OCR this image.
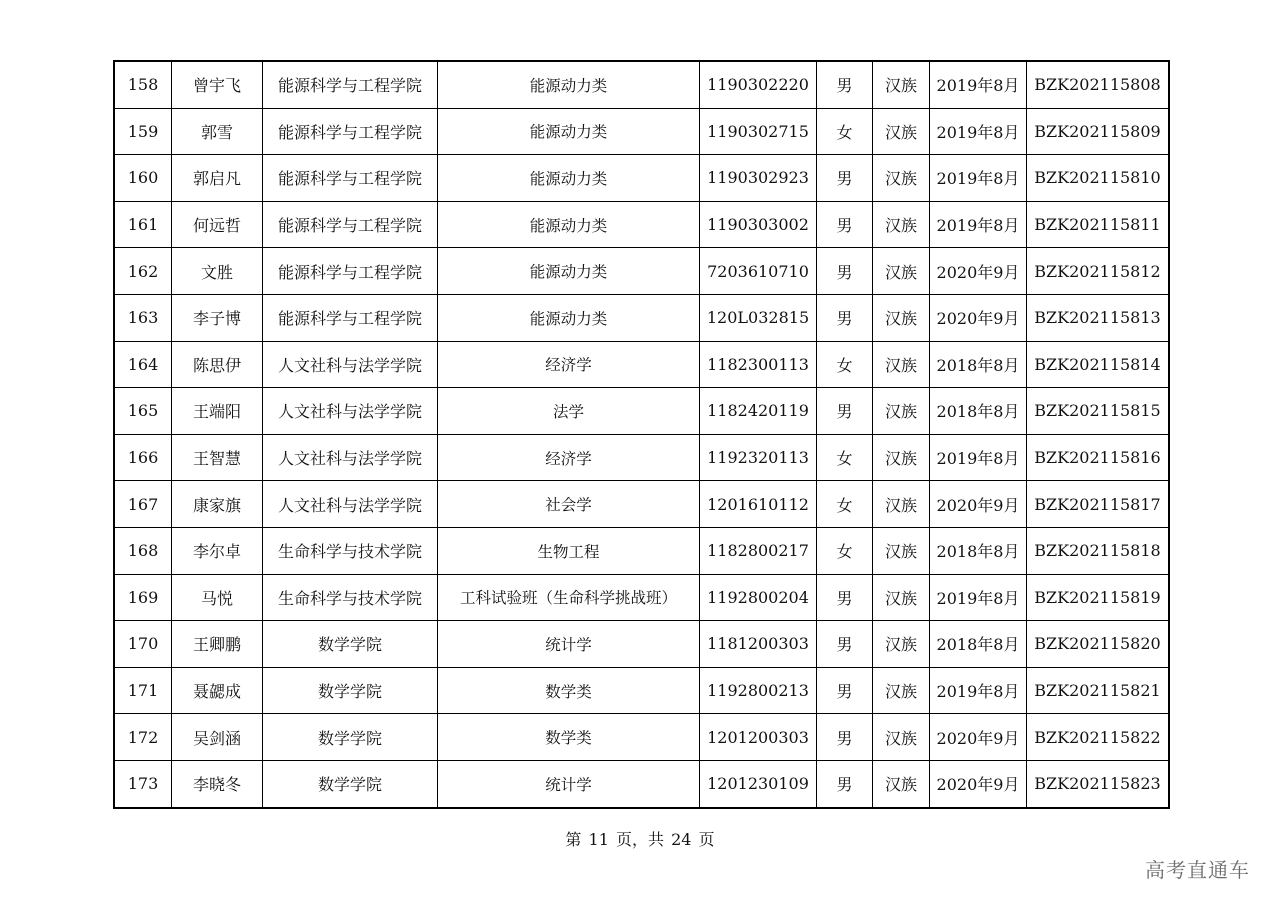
158	曾宇飞	能源科学与工程学院	能源动力类	1190302220	男	汉族	2019年8月	BZK202115808
159	郭雪	能源科学与工程学院	能源动力类	1190302715	女	汉族	2019年8月	BZK202115809
160	郭启凡	能源科学与工程学院	能源动力类	1190302923	男	汉族	2019年8月	BZK202115810
161	何远哲	能源科学与工程学院	能源动力类	1190303002	男	汉族	2019年8月	BZK202115811
162	文胜	能源科学与工程学院	能源动力类	7203610710	男	汉族	2020年9月	BZK202115812
163	李子博	能源科学与工程学院	能源动力类	120L032815	男	汉族	2020年9月	BZK202115813
164	陈思伊	人文社科与法学学院	经济学	1182300113	女	汉族	2018年8月	BZK202115814
165	王端阳	人文社科与法学学院	法学	1182420119	男	汉族	2018年8月	BZK202115815
166	王智慧	人文社科与法学学院	经济学	1192320113	女	汉族	2019年8月	BZK202115816
167	康家旗	人文社科与法学学院	社会学	1201610112	女	汉族	2020年9月	BZK202115817
168	李尔卓	生命科学与技术学院	生物工程	1182800217	女	汉族	2018年8月	BZK202115818
169	马悦	生命科学与技术学院	工科试验班（生命科学挑战班）	1192800204	男	汉族	2019年8月	BZK202115819
170	王卿鹏	数学学院	统计学	1181200303	男	汉族	2018年8月	BZK202115820
171	聂勰成	数学学院	数学类	1192800213	男	汉族	2019年8月	BZK202115821
172	吴剑涵	数学学院	数学类	1201200303	男	汉族	2020年9月	BZK202115822
173	李晓冬	数学学院	统计学	1201230109	男	汉族	2020年9月	BZK202115823
第 11 页，共 24 页
高考直通车
